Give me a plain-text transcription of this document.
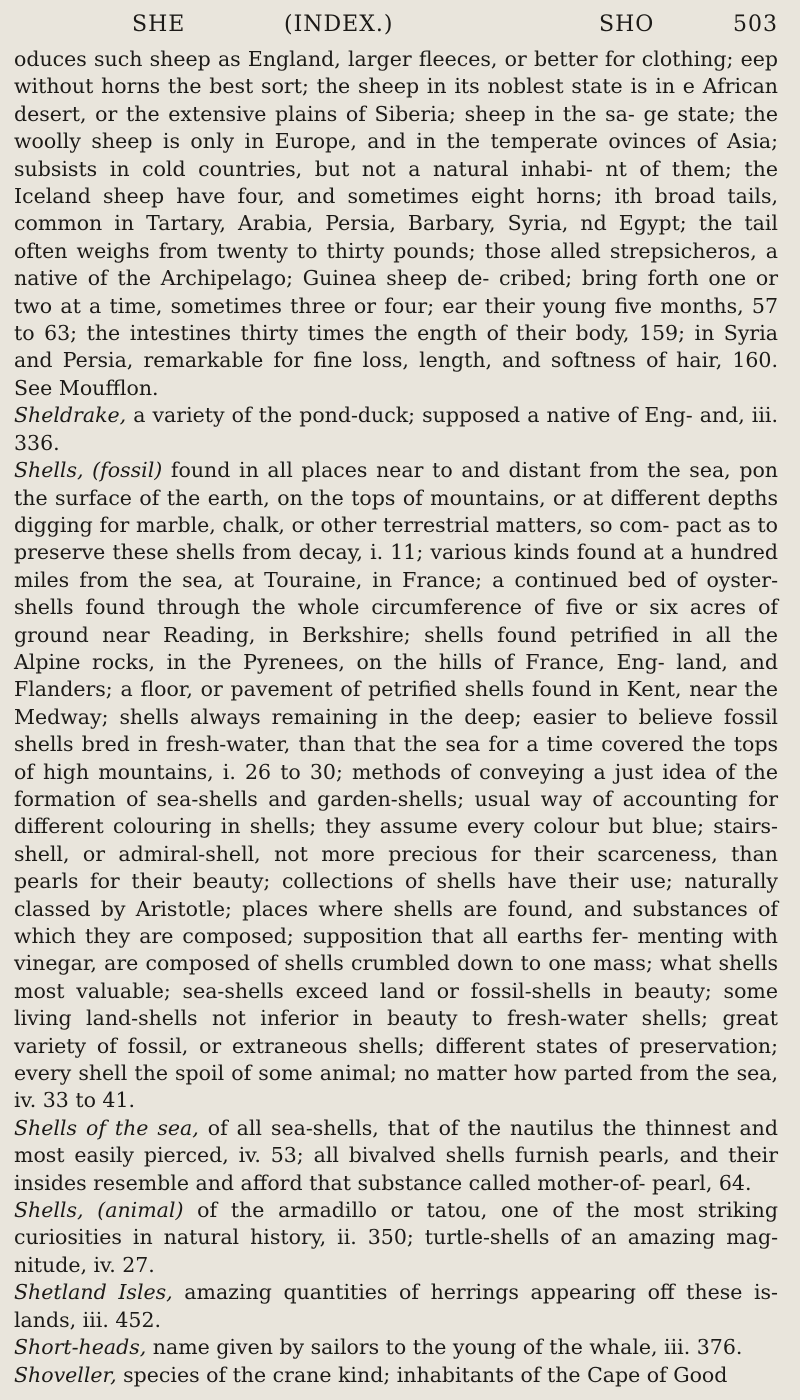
SHE	(INDEX.)	SHO	503

oduces such sheep as England, larger fleeces, or better for clothing; eep without horns the best sort; the sheep in its noblest state is in e African desert, or the extensive plains of Siberia; sheep in the sa- ge state; the woolly sheep is only in Europe, and in the temperate ovinces of Asia; subsists in cold countries, but not a natural inhabi- nt of them; the Iceland sheep have four, and sometimes eight horns; ith broad tails, common in Tartary, Arabia, Persia, Barbary, Syria, nd Egypt; the tail often weighs from twenty to thirty pounds; those alled strepsicheros, a native of the Archipelago; Guinea sheep de- cribed; bring forth one or two at a time, sometimes three or four; ear their young five months, 57 to 63; the intestines thirty times the ength of their body, 159; in Syria and Persia, remarkable for fine loss, length, and softness of hair, 160. See Moufflon.

Sheldrake, a variety of the pond-duck; supposed a native of Eng- and, iii. 336.

Shells, (fossil) found in all places near to and distant from the sea, pon the surface of the earth, on the tops of mountains, or at different depths digging for marble, chalk, or other terrestrial matters, so com- pact as to preserve these shells from decay, i. 11; various kinds found at a hundred miles from the sea, at Touraine, in France; a continued bed of oyster-shells found through the whole circumference of five or six acres of ground near Reading, in Berkshire; shells found petrified in all the Alpine rocks, in the Pyrenees, on the hills of France, Eng- land, and Flanders; a floor, or pavement of petrified shells found in Kent, near the Medway; shells always remaining in the deep; easier to believe fossil shells bred in fresh-water, than that the sea for a time covered the tops of high mountains, i. 26 to 30; methods of conveying a just idea of the formation of sea-shells and garden-shells; usual way of accounting for different colouring in shells; they assume every colour but blue; stairs-shell, or admiral-shell, not more precious for their scarceness, than pearls for their beauty; collections of shells have their use; naturally classed by Aristotle; places where shells are found, and substances of which they are composed; supposition that all earths fer- menting with vinegar, are composed of shells crumbled down to one mass; what shells most valuable; sea-shells exceed land or fossil-shells in beauty; some living land-shells not inferior in beauty to fresh-water shells; great variety of fossil, or extraneous shells; different states of preservation; every shell the spoil of some animal; no matter how parted from the sea, iv. 33 to 41.

Shells of the sea, of all sea-shells, that of the nautilus the thinnest and most easily pierced, iv. 53; all bivalved shells furnish pearls, and their insides resemble and afford that substance called mother-of- pearl, 64.

Shells, (animal) of the armadillo or tatou, one of the most striking curiosities in natural history, ii. 350; turtle-shells of an amazing mag- nitude, iv. 27.

Shetland Isles, amazing quantities of herrings appearing off these is- lands, iii. 452.

Short-heads, name given by sailors to the young of the whale, iii. 376.

Shoveller, species of the crane kind; inhabitants of the Cape of Good
